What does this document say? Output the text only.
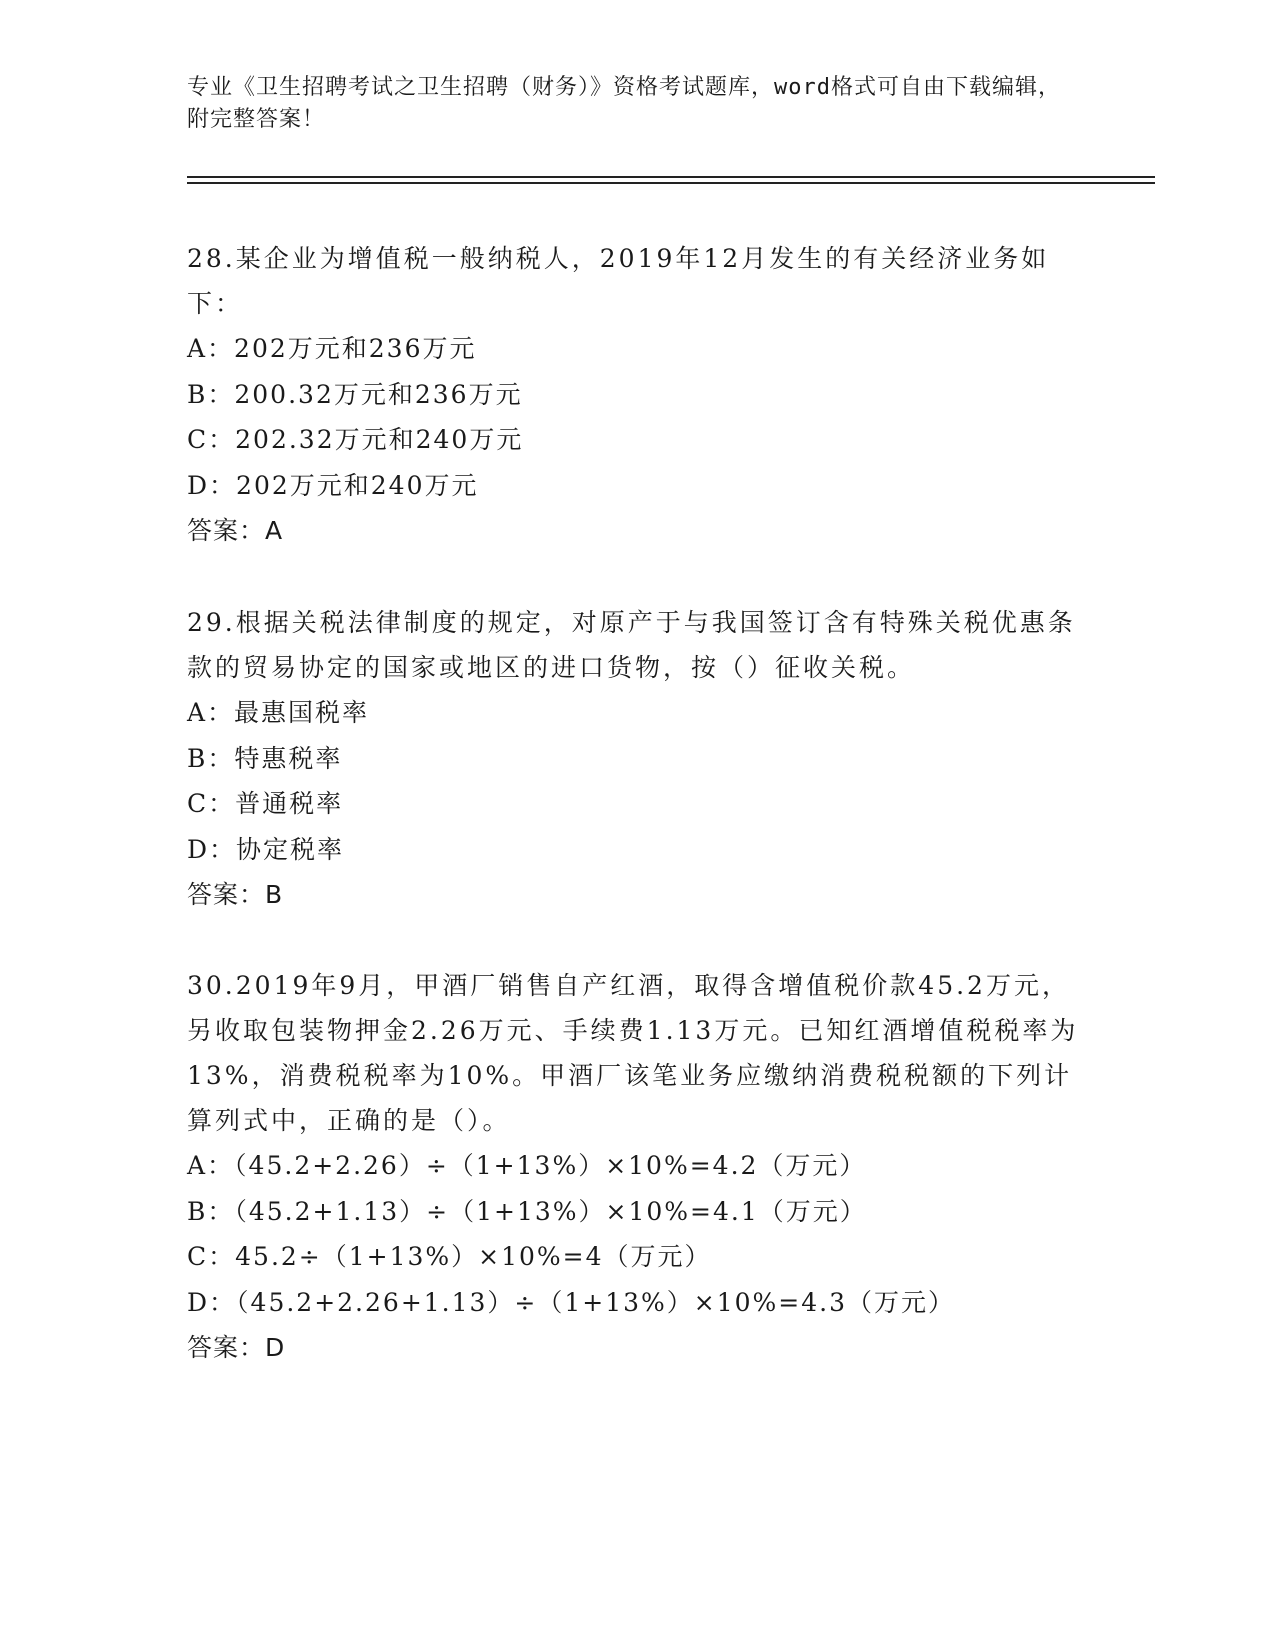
专业《卫生招聘考试之卫生招聘（财务）》资格考试题库，word格式可自由下载编辑，附完整答案！

28.某企业为增值税一般纳税人，2019年12月发生的有关经济业务如下：

A：202万元和236万元

B：200.32万元和236万元

C：202.32万元和240万元

D：202万元和240万元

答案：A

29.根据关税法律制度的规定，对原产于与我国签订含有特殊关税优惠条款的贸易协定的国家或地区的进口货物，按（）征收关税。

A：最惠国税率

B：特惠税率

C：普通税率

D：协定税率

答案：B

30.2019年9月，甲酒厂销售自产红酒，取得含增值税价款45.2万元，另收取包装物押金2.26万元、手续费1.13万元。已知红酒增值税税率为13%，消费税税率为10%。甲酒厂该笔业务应缴纳消费税税额的下列计算列式中，正确的是（）。

A：（45.2+2.26）÷（1+13%）×10%=4.2（万元）

B：（45.2+1.13）÷（1+13%）×10%=4.1（万元）

C：45.2÷（1+13%）×10%=4（万元）

D：（45.2+2.26+1.13）÷（1+13%）×10%=4.3（万元）

答案：D
